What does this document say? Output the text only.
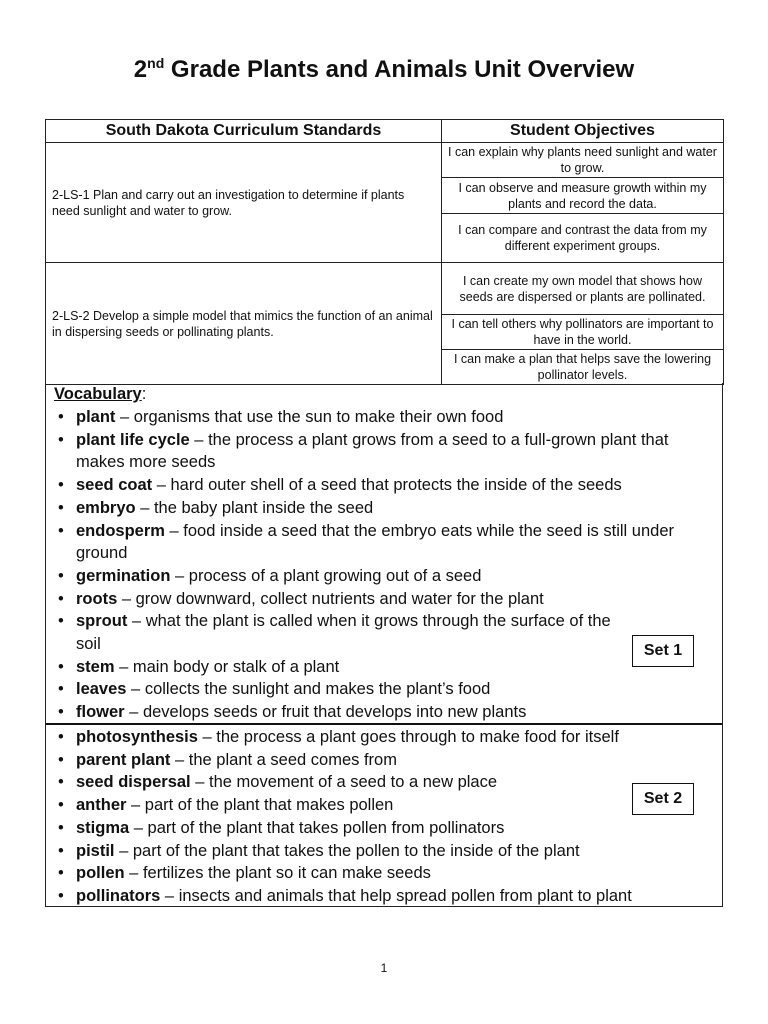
2nd Grade Plants and Animals Unit Overview
South Dakota Curriculum Standards	Student Objectives
2-LS-1 Plan and carry out an investigation to determine if plants need sunlight and water to grow.	I can explain why plants need sunlight and water to grow.
	I can observe and measure growth within my plants and record the data.
	I can compare and contrast the data from my different experiment groups.
2-LS-2 Develop a simple model that mimics the function of an animal in dispersing seeds or pollinating plants.	I can create my own model that shows how seeds are dispersed or plants are pollinated.
	I can tell others why pollinators are important to have in the world.
	I can make a plan that helps save the lowering pollinator levels.
Vocabulary:
• plant – organisms that use the sun to make their own food
• plant life cycle – the process a plant grows from a seed to a full-grown plant that makes more seeds
• seed coat – hard outer shell of a seed that protects the inside of the seeds
• embryo – the baby plant inside the seed
• endosperm – food inside a seed that the embryo eats while the seed is still under ground
• germination – process of a plant growing out of a seed
• roots – grow downward, collect nutrients and water for the plant
• sprout – what the plant is called when it grows through the surface of the soil
• stem – main body or stalk of a plant
• leaves – collects the sunlight and makes the plant’s food
• flower – develops seeds or fruit that develops into new plants
Set 1
• photosynthesis – the process a plant goes through to make food for itself
• parent plant – the plant a seed comes from
• seed dispersal – the movement of a seed to a new place
• anther – part of the plant that makes pollen
• stigma – part of the plant that takes pollen from pollinators
• pistil – part of the plant that takes the pollen to the inside of the plant
• pollen – fertilizes the plant so it can make seeds
• pollinators – insects and animals that help spread pollen from plant to plant
Set 2
1
